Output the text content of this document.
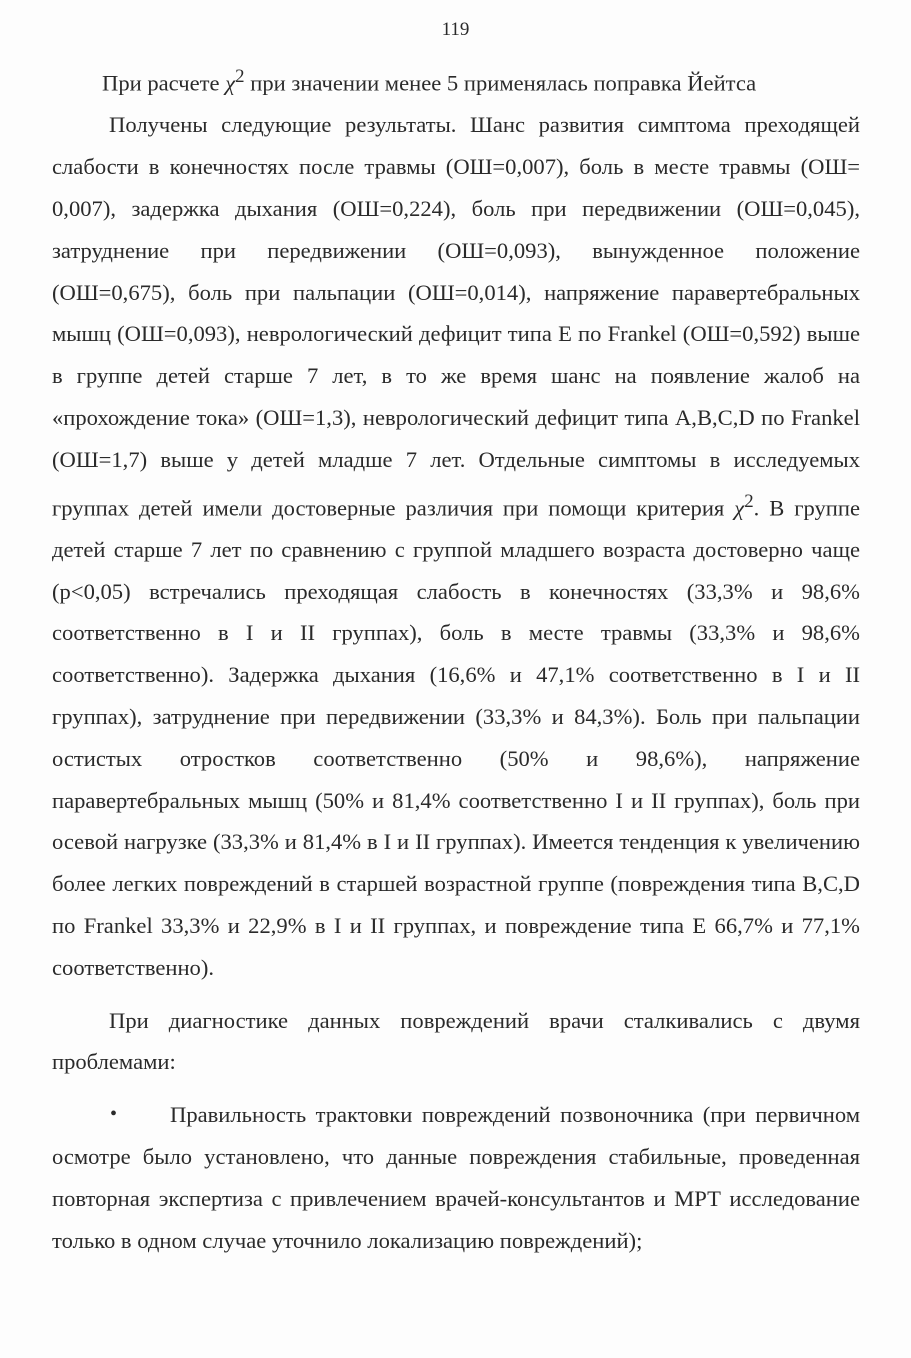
119

При расчете $\chi^2$ при значении менее 5 применялась поправка Йейтса

Получены следующие результаты. Шанс развития симптома преходящей слабости в конечностях после травмы (ОШ=0,007), боль в месте травмы (ОШ= 0,007), задержка дыхания (ОШ=0,224), боль при передвижении (ОШ=0,045), затруднение при передвижении (ОШ=0,093), вынужденное положение (ОШ=0,675), боль при пальпации (ОШ=0,014), напряжение паравертебральных мышц (ОШ=0,093), неврологический дефицит типа Е по Frankel (ОШ=0,592) выше в группе детей старше 7 лет, в то же время шанс на появление жалоб на «прохождение тока» (ОШ=1,3), неврологический дефицит типа А,В,С,D по Frankel (ОШ=1,7) выше у детей младше 7 лет. Отдельные симптомы в исследуемых группах детей имели достоверные различия при помощи критерия $\chi^2$. В группе детей старше 7 лет по сравнению с группой младшего возраста достоверно чаще (p<0,05) встречались преходящая слабость в конечностях (33,3% и 98,6% соответственно в I и II группах), боль в месте травмы (33,3% и 98,6% соответственно). Задержка дыхания (16,6% и 47,1% соответственно в I и II группах), затруднение при передвижении (33,3% и 84,3%). Боль при пальпации остистых отростков соответственно (50% и 98,6%), напряжение паравертебральных мышц (50% и 81,4% соответственно I и II группах), боль при осевой нагрузке (33,3% и 81,4% в I и II группах). Имеется тенденция к увеличению более легких повреждений в старшей возрастной группе (повреждения типа В,С,D по Frankel 33,3% и 22,9% в I и II группах, и повреждение типа Е 66,7% и 77,1% соответственно).

При диагностике данных повреждений врачи сталкивались с двумя проблемами:

• Правильность трактовки повреждений позвоночника (при первичном осмотре было установлено, что данные повреждения стабильные, проведенная повторная экспертиза с привлечением врачей-консультантов и МРТ исследование только в одном случае уточнило локализацию повреждений);
